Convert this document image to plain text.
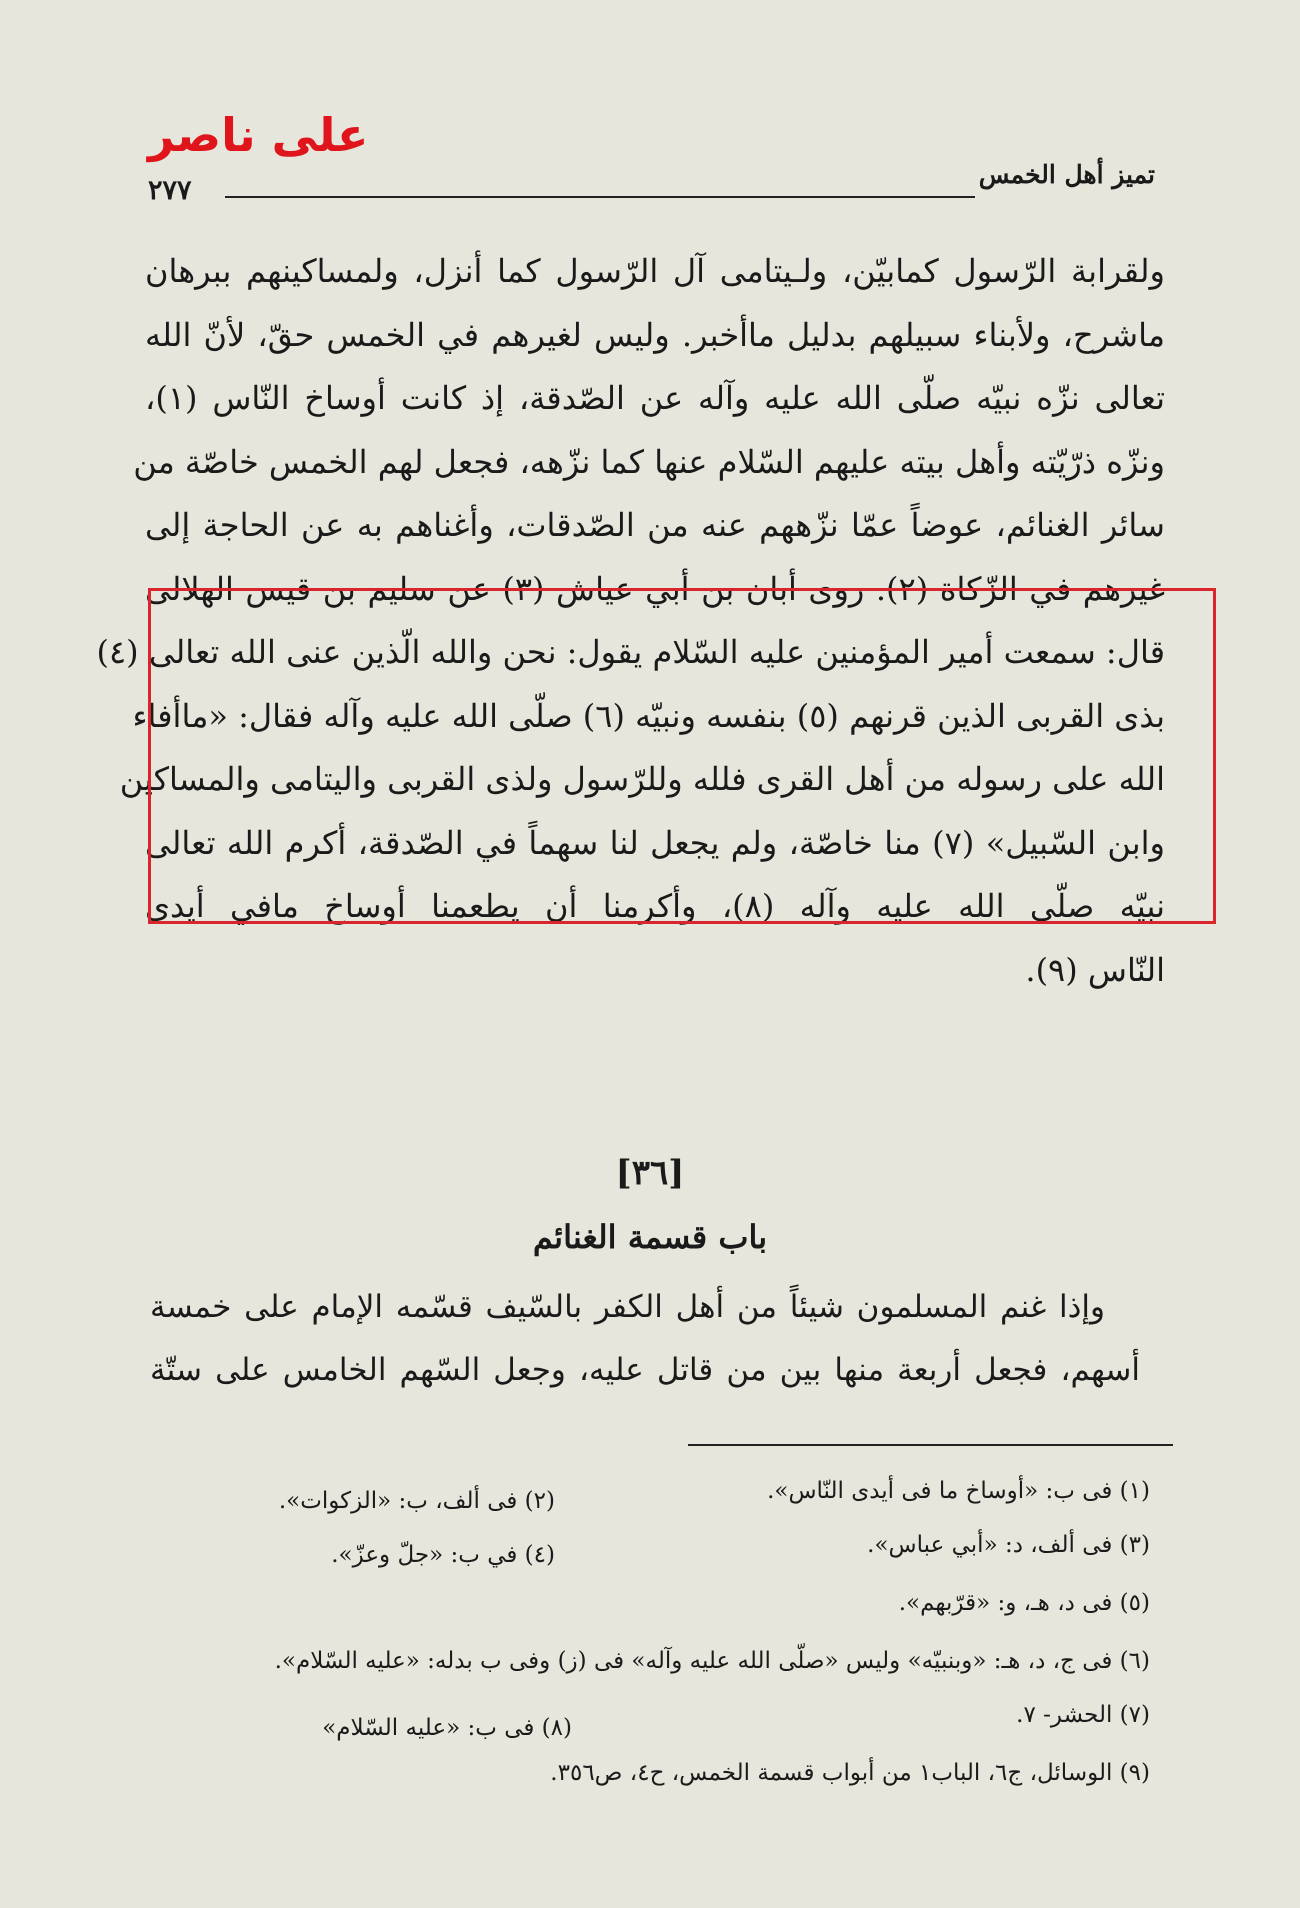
على ناصر
تميز أهل الخمس
٢٧٧
ولقرابة الرّسول كمابيّن، ولـيتامى آل الرّسول كما أنزل، ولمساكينهم ببرهان
ماشرح، ولأبناء سبيلهم بدليل ماأخبر. وليس لغيرهم في الخمس حقّ، لأنّ الله
تعالى نزّه نبيّه صلّى الله عليه وآله عن الصّدقة، إذ كانت أوساخ النّاس (١)،
ونزّه ذرّيّته وأهل بيته عليهم السّلام عنها كما نزّهه، فجعل لهم الخمس خاصّة من
سائر الغنائم، عوضاً عمّا نزّههم عنه من الصّدقات، وأغناهم به عن الحاجة إلى
غيرهم في الزّكاة (٢). روى أبان بن أبي عياش (٣) عن سليم بن قيس الهلالى
قال: سمعت أمير المؤمنين عليه السّلام يقول: نحن والله الّذين عنى الله تعالى (٤)
بذى القربى الذين قرنهم (٥) بنفسه ونبيّه (٦) صلّى الله عليه وآله فقال: «ماأفاء
الله على رسوله من أهل القرى فلله وللرّسول ولذى القربى واليتامى والمساكين
وابن السّبيل» (٧) منا خاصّة، ولم يجعل لنا سهماً في الصّدقة، أكرم الله تعالى
نبيّه صلّى الله عليه وآله (٨)، وأكرمنا أن يطعمنا أوساخ مافي أيدى
النّاس (٩).
[٣٦]
باب قسمة الغنائم
وإذا غنم المسلمون شيئاً من أهل الكفر بالسّيف قسّمه الإمام على خمسة
أسهم، فجعل أربعة منها بين من قاتل عليه، وجعل السّهم الخامس على ستّة
(١) فى ب: «أوساخ ما فى أيدى النّاس».
(٢) فى ألف، ب: «الزكوات».
(٣) فى ألف، د: «أبي عباس».
(٤) في ب: «جلّ وعزّ».
(٥) فى د، هـ، و: «قرّبهم».
(٦) فى ج، د، هـ: «وبنبيّه» وليس «صلّى الله عليه وآله» فى (ز) وفى ب بدله: «عليه السّلام».
(٧) الحشر- ٧.
(٨) فى ب: «عليه السّلام»
(٩) الوسائل، ج٦، الباب١ من أبواب قسمة الخمس، ح٤، ص٣٥٦.
